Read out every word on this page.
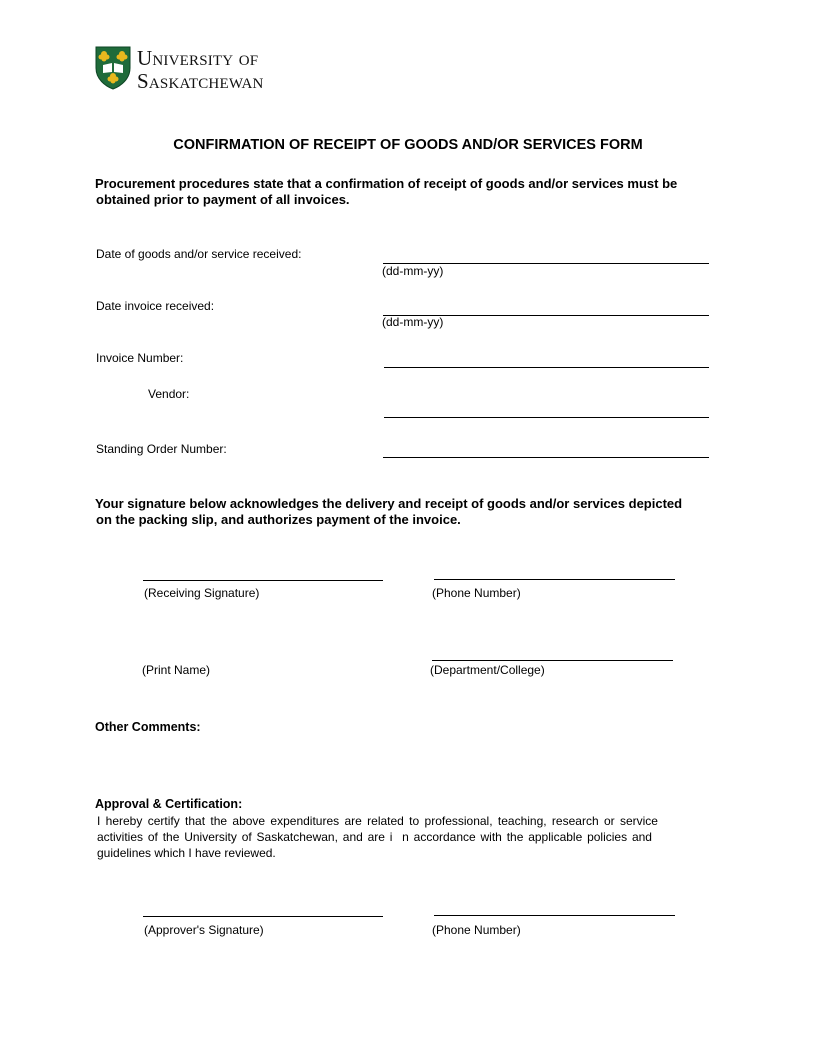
University of
Saskatchewan
CONFIRMATION OF RECEIPT OF GOODS AND/OR SERVICES FORM
Procurement procedures state that a confirmation of receipt of goods and/or services must be
obtained prior to payment of all invoices.
Date of goods and/or service received:
(dd-mm-yy)
Date invoice received:
(dd-mm-yy)
Invoice Number:
Vendor:
Standing Order Number:
Your signature below acknowledges the delivery and receipt of goods and/or services depicted
on the packing slip, and authorizes payment of the invoice.
(Receiving Signature)	(Phone Number)
(Print Name)	(Department/College)
Other Comments:
Approval & Certification:
I hereby certify that the above expenditures are related to professional, teaching, research or service
activities of the University of Saskatchewan, and are i  n accordance with the applicable policies and
guidelines which I have reviewed.
(Approver's Signature)	(Phone Number)
